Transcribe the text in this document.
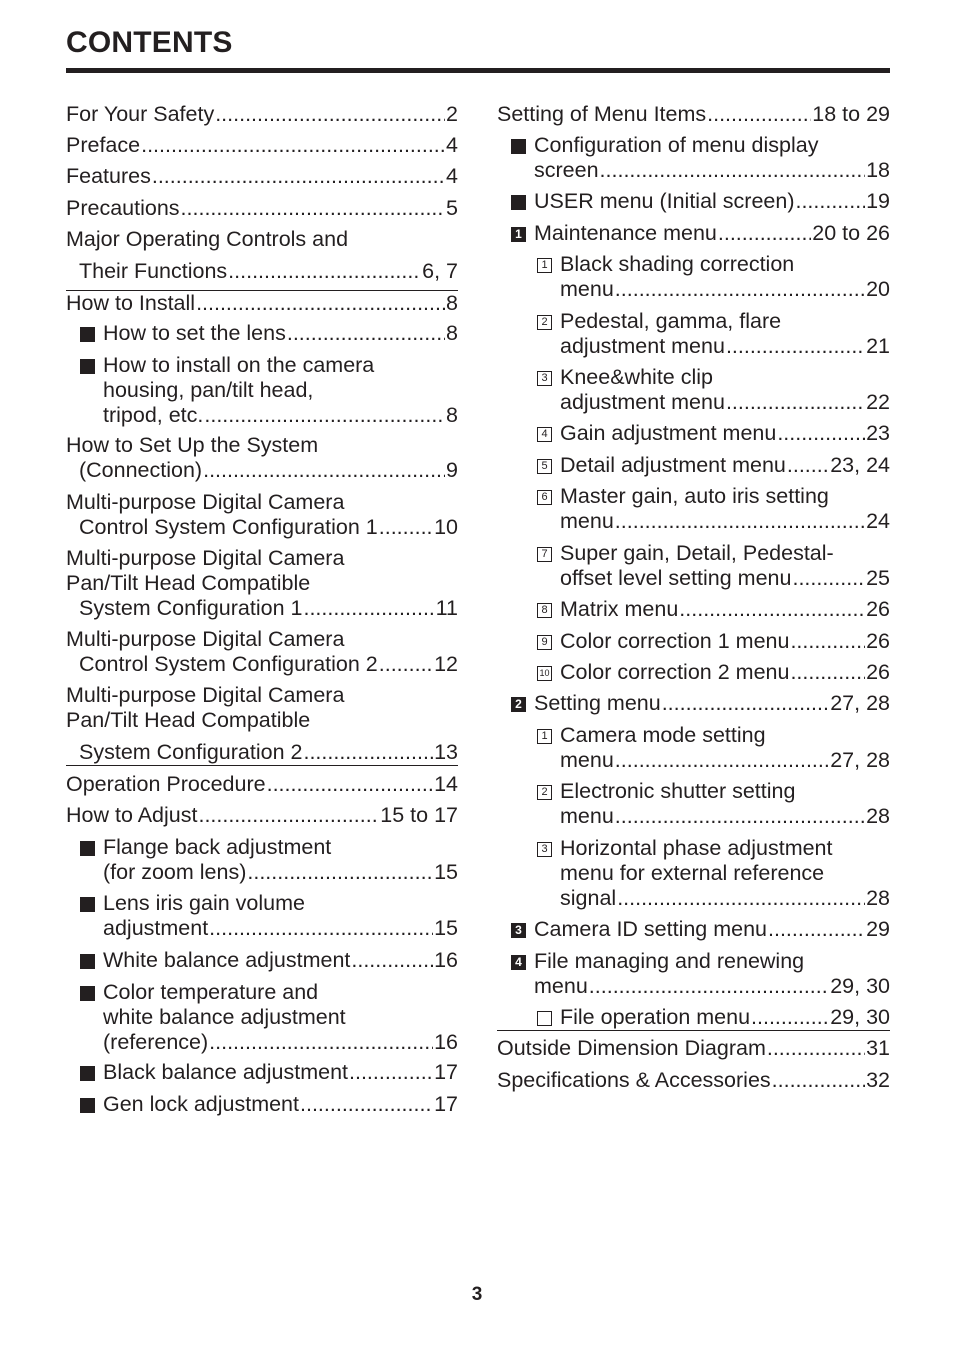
CONTENTS
For Your Safety .....	2
Preface .....	4
Features .....	4
Precautions .....	5
Major Operating Controls and
Their Functions .....	6, 7
How to Install .....	8
How to set the lens .....	8
How to install on the camera
housing, pan/tilt head,
tripod, etc. .....	8
How to Set Up the System
(Connection) .....	9
Multi-purpose Digital Camera
Control System Configuration 1 .....	10
Multi-purpose Digital Camera
Pan/Tilt Head Compatible
System Configuration 1 .....	11
Multi-purpose Digital Camera
Control System Configuration 2 .....	12
Multi-purpose Digital Camera
Pan/Tilt Head Compatible
System Configuration 2 .....	13
Operation Procedure .....	14
How to Adjust .....	15 to 17
Flange back adjustment
(for zoom lens) .....	15
Lens iris gain volume
adjustment .....	15
White balance adjustment .....	16
Color temperature and
white balance adjustment
(reference) .....	16
Black balance adjustment .....	17
Gen lock adjustment .....	17
Setting of Menu Items .....	18 to 29
Configuration of menu display
screen .....	18
USER menu (Initial screen) .....	19
1 Maintenance menu .....	20 to 26
1 Black shading correction
menu .....	20
2 Pedestal, gamma, flare
adjustment menu .....	21
3 Knee&white clip
adjustment menu .....	22
4 Gain adjustment menu .....	23
5 Detail adjustment menu ..... 23, 24
6 Master gain, auto iris setting
menu .....	24
7 Super gain, Detail, Pedestal-
offset level setting menu .....	25
8 Matrix menu .....	26
9 Color correction 1 menu .....	26
10 Color correction 2 menu .....	26
2 Setting menu .....	27, 28
1 Camera mode setting
menu .....	27, 28
2 Electronic shutter setting
menu .....	28
3 Horizontal phase adjustment
menu for external reference
signal .....	28
3 Camera ID setting menu .....	29
4 File managing and renewing
menu .....	29, 30
File operation menu .....	29, 30
Outside Dimension Diagram .....	31
Specifications & Accessories .....	32
3
